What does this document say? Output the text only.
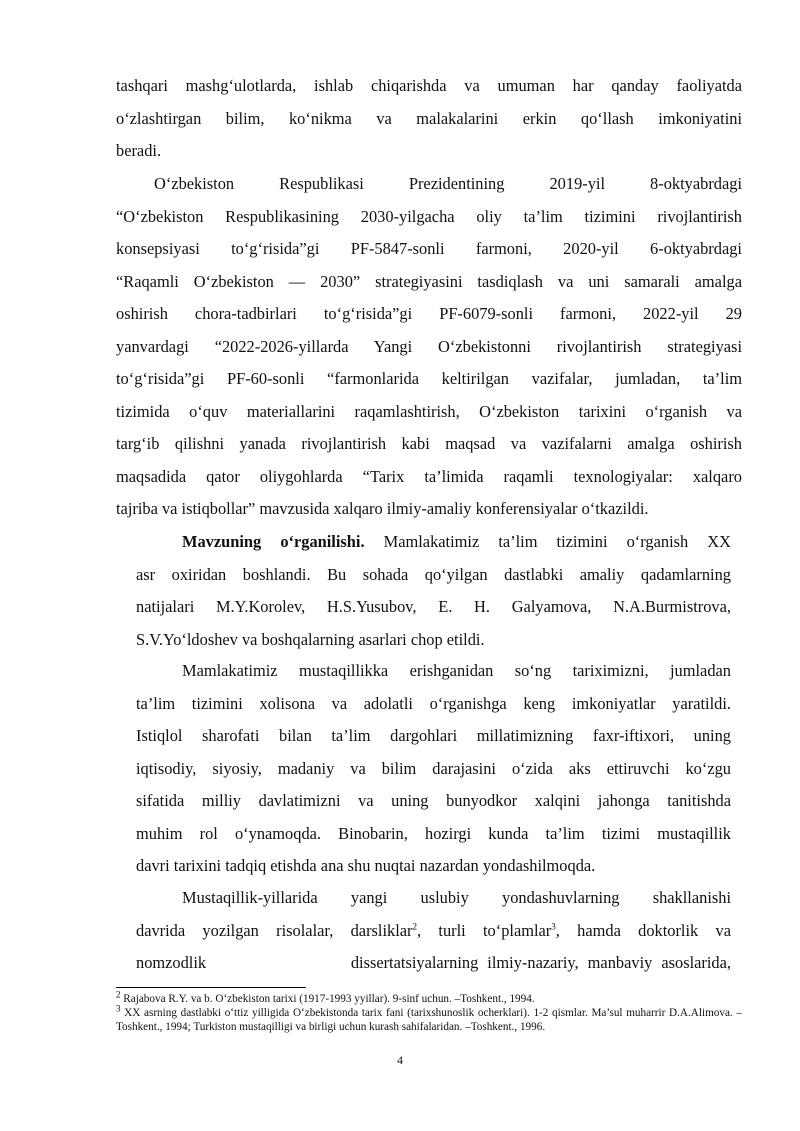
tashqari mashg‘ulotlarda, ishlab chiqarishda va umuman har qanday faoliyatda
o‘zlashtirgan bilim, ko‘nikma va malakalarini erkin qo‘llash imkoniyatini
beradi.
O‘zbekiston Respublikasi Prezidentining 2019-yil 8-oktyabrdagi
“O‘zbekiston Respublikasining 2030-yilgacha oliy ta’lim tizimini rivojlantirish
konsepsiyasi to‘g‘risida”gi PF-5847-sonli farmoni, 2020-yil 6-oktyabrdagi
“Raqamli O‘zbekiston — 2030” strategiyasini tasdiqlash va uni samarali amalga
oshirish chora-tadbirlari to‘g‘risida”gi PF-6079-sonli farmoni, 2022-yil 29
yanvardagi “2022-2026-yillarda Yangi O‘zbekistonni rivojlantirish strategiyasi
to‘g‘risida”gi PF-60-sonli “farmonlarida keltirilgan vazifalar, jumladan, ta’lim
tizimida o‘quv materiallarini raqamlashtirish, O‘zbekiston tarixini o‘rganish va
targ‘ib qilishni yanada rivojlantirish kabi maqsad va vazifalarni amalga oshirish
maqsadida qator oliygohlarda “Tarix ta’limida raqamli texnologiyalar: xalqaro
tajriba va istiqbollar” mavzusida xalqaro ilmiy-amaliy konferensiyalar o‘tkazildi.
Mavzuning o‘rganilishi. Mamlakatimiz ta’lim tizimini o‘rganish XX
asr oxiridan boshlandi. Bu sohada qo‘yilgan dastlabki amaliy qadamlarning
natijalari M.Y.Korolev, H.S.Yusubov, E. H. Galyamova, N.A.Burmistrova,
S.V.Yo‘ldoshev va boshqalarning asarlari chop etildi.
Mamlakatimiz mustaqillikka erishganidan so‘ng tariximizni, jumladan
ta’lim tizimini xolisona va adolatli o‘rganishga keng imkoniyatlar yaratildi.
Istiqlol sharofati bilan ta’lim dargohlari millatimizning faxr-iftixori, uning
iqtisodiy, siyosiy, madaniy va bilim darajasini o‘zida aks ettiruvchi ko‘zgu
sifatida milliy davlatimizni va uning bunyodkor xalqini jahonga tanitishda
muhim rol o‘ynamoqda. Binobarin, hozirgi kunda ta’lim tizimi mustaqillik
davri tarixini tadqiq etishda ana shu nuqtai nazardan yondashilmoqda.
Mustaqillik-yillarida yangi uslubiy yondashuvlarning shakllanishi
davrida yozilgan risolalar, darsliklar$^2$, turli to‘plamlar$^3$, hamda doktorlik va
nomzodlik                dissertatsiyalarning ilmiy-nazariy, manbaviy asoslarida,

$^2$ Rajabova R.Y. va b. O‘zbekiston tarixi (1917-1993 yyillar). 9-sinf uchun. –Toshkent., 1994.

$^3$ XX asrning dastlabki o‘ttiz yilligida O‘zbekistonda tarix fani (tarixshunoslik ocherklari). 1-2 qismlar. Ma’sul muharrir D.A.Alimova. –Toshkent., 1994; Turkiston mustaqilligi va birligi uchun kurash sahifalaridan. –Toshkent., 1996.

4
